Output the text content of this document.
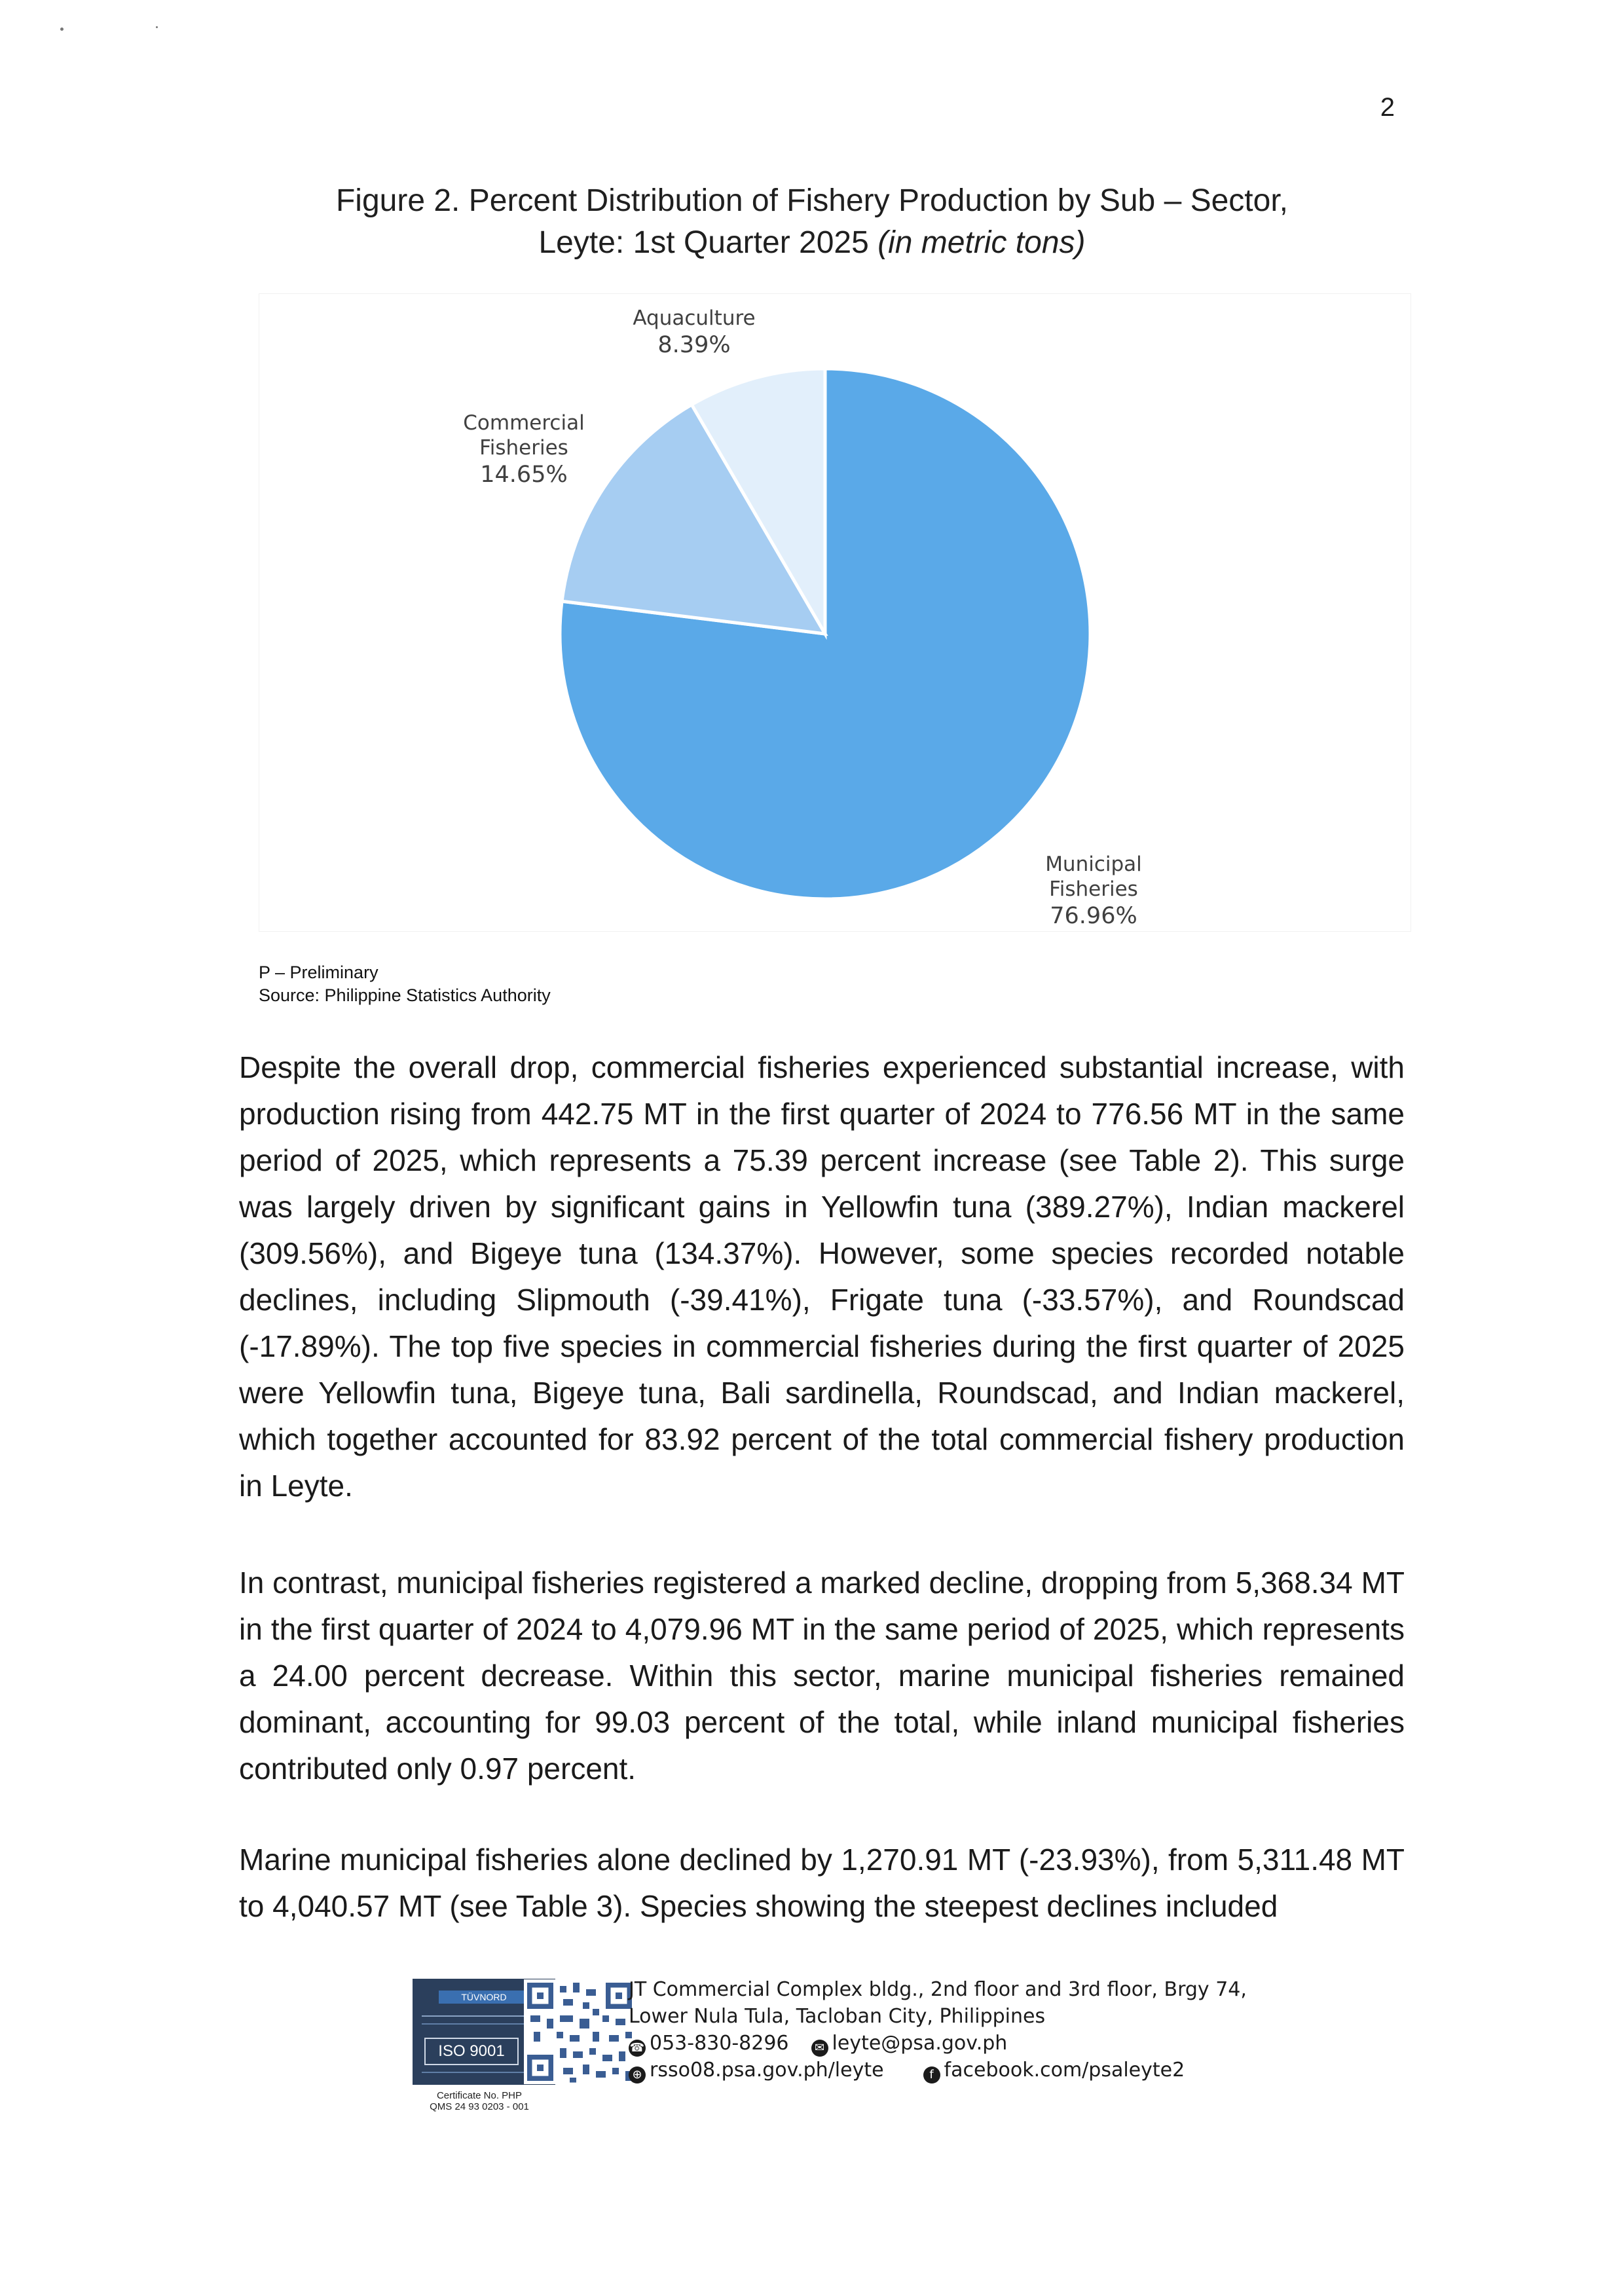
2
Figure 2. Percent Distribution of Fishery Production by Sub – Sector,
Leyte: 1st Quarter 2025 (in metric tons)
Municipal Fisheries 76.96%
Commercial Fisheries 14.65%
Aquaculture 8.39%
P – Preliminary
Source: Philippine Statistics Authority
Despite the overall drop, commercial fisheries experienced substantial increase, with production rising from 442.75 MT in the first quarter of 2024 to 776.56 MT in the same period of 2025, which represents a 75.39 percent increase (see Table 2). This surge was largely driven by significant gains in Yellowfin tuna (389.27%), Indian mackerel (309.56%), and Bigeye tuna (134.37%). However, some species recorded notable declines, including Slipmouth (-39.41%), Frigate tuna (-33.57%), and Roundscad (-17.89%). The top five species in commercial fisheries during the first quarter of 2025 were Yellowfin tuna, Bigeye tuna, Bali sardinella, Roundscad, and Indian mackerel, which together accounted for 83.92 percent of the total commercial fishery production in Leyte.
In contrast, municipal fisheries registered a marked decline, dropping from 5,368.34 MT in the first quarter of 2024 to 4,079.96 MT in the same period of 2025, which represents a 24.00 percent decrease. Within this sector, marine municipal fisheries remained dominant, accounting for 99.03 percent of the total, while inland municipal fisheries contributed only 0.97 percent.
Marine municipal fisheries alone declined by 1,270.91 MT (-23.93%), from 5,311.48 MT to 4,040.57 MT (see Table 3). Species showing the steepest declines included
TÜVNORD
ISO 9001
Certificate No. PHP
QMS 24 93 0203 - 001
JT Commercial Complex bldg., 2nd floor and 3rd floor, Brgy 74,
Lower Nula Tula, Tacloban City, Philippines
☎ 053-830-8296 ✉ leyte@psa.gov.ph
⊕ rsso08.psa.gov.ph/leyte	f facebook.com/psaleyte2
